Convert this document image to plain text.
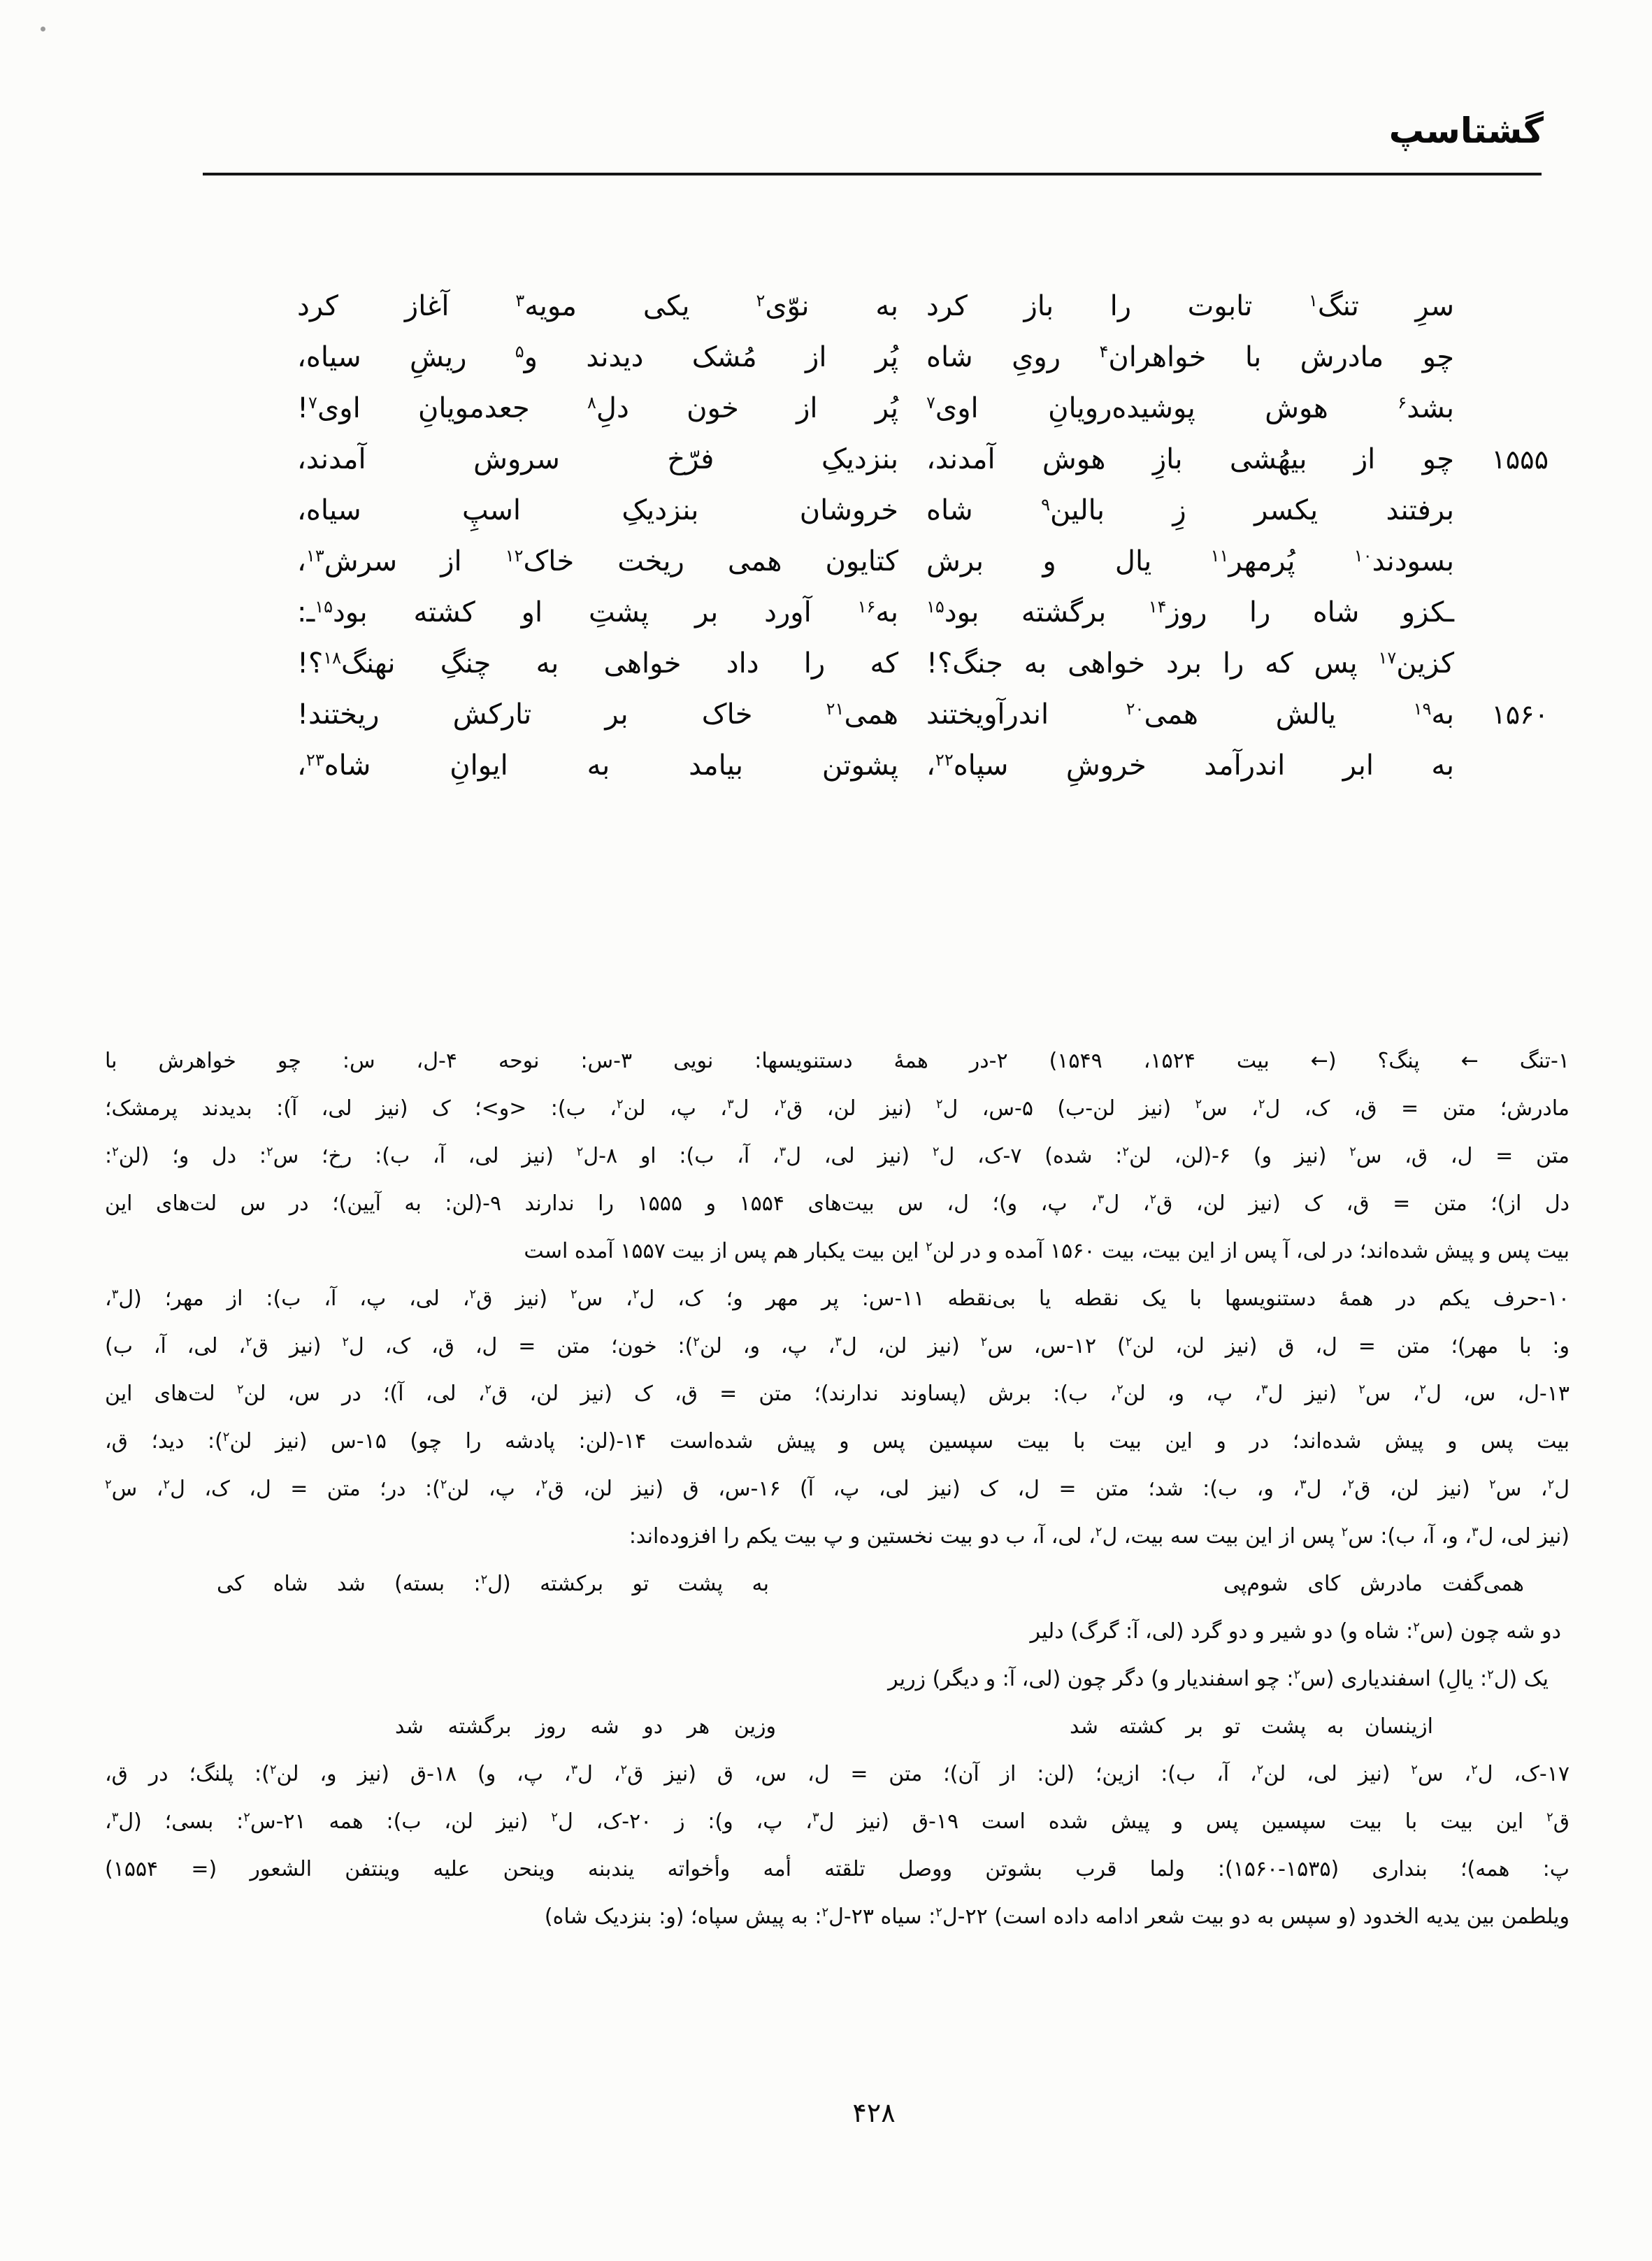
گشتاسپ
سرِ تنگ$^۱$ تابوت را باز کرد
به نوّی$^۲$ یکی مویه$^۳$ آغاز کرد
چو مادرش با خواهران$^۴$ رویِ شاه
پُر از مُشک دیدند و$^۵$ ریشِ سیاه،
بشد$^۶$ هوش پوشیده‌رویانِ اوی$^۷$
پُر از خون دلِ$^۸$ جعدمویانِ اوی$^۷$!
۱۵۵۵
چو از بیهُشی بازِ هوش آمدند،
بنزدیکِ فرّخ سروش آمدند،
برفتند یکسر زِ بالین$^۹$ شاه
خروشان بنزدیکِ اسپِ سیاه،
بسودند$^{۱۰}$ پُرمهر$^{۱۱}$ یال و برش
کتایون همی ریخت خاک$^{۱۲}$ از سرش$^{۱۳}$،
ـکزو شاه را روز$^{۱۴}$ برگشته بود$^{۱۵}$
به$^{۱۶}$ آورد بر پشتِ او کشته بود$^{۱۵}$ـ:
کزین$^{۱۷}$ پس که را برد خواهی به جنگ؟!
که را داد خواهی به چنگِ نهنگ$^{۱۸}$؟!
۱۵۶۰
به$^{۱۹}$ یالش همی$^{۲۰}$ اندرآویختند
همی$^{۲۱}$ خاک بر تارکش ریختند!
به ابر اندرآمد خروشِ سپاه$^{۲۲}$،
پشوتن بیامد به ایوانِ شاه$^{۲۳}$،
۱-تنگ ← پنگ؟ (← بیت ۱۵۲۴، ۱۵۴۹) ۲-در همهٔ دستنویسها: نویی ۳-س: نوحه ۴-ل، س: چو خواهرش با
مادرش؛ متن = ق، ک، ل$^۲$، س$^۲$ (نیز لن-ب) ۵-س، ل$^۲$ (نیز لن، ق$^۲$، ل$^۳$، پ، لن$^۲$، ب): <و>؛ ک (نیز لی، آ): بدیدند پرمشک؛
متن = ل، ق، س$^۲$ (نیز و) ۶-(لن، لن$^۲$: شده) ۷-ک، ل$^۲$ (نیز لی، ل$^۳$، آ، ب): او ۸-ل$^۲$ (نیز لی، آ، ب): رخ؛ س$^۲$: دل و؛ (لن$^۲$:
دل از)؛ متن = ق، ک (نیز لن، ق$^۲$، ل$^۳$، پ، و)؛ ل، س بیت‌های ۱۵۵۴ و ۱۵۵۵ را ندارند ۹-(لن: به آیین)؛ در س لت‌های این
بیت پس و پیش شده‌اند؛ در لی، آ پس از این بیت، بیت ۱۵۶۰ آمده و در لن$^۲$ این بیت یکبار هم پس از بیت ۱۵۵۷ آمده است
۱۰-حرف یکم در همهٔ دستنویسها با یک نقطه یا بی‌نقطه ۱۱-س: پر مهر و؛ ک، ل$^۲$، س$^۲$ (نیز ق$^۲$، لی، پ، آ، ب): از مهر؛ (ل$^۳$،
و: با مهر)؛ متن = ل، ق (نیز لن، لن$^۲$) ۱۲-س، س$^۲$ (نیز لن، ل$^۳$، پ، و، لن$^۲$): خون؛ متن = ل، ق، ک، ل$^۲$ (نیز ق$^۲$، لی، آ، ب)
۱۳-ل، س، ل$^۲$، س$^۲$ (نیز ل$^۳$، پ، و، لن$^۲$، ب): برش (پساوند ندارند)؛ متن = ق، ک (نیز لن، ق$^۲$، لی، آ)؛ در س، لن$^۲$ لت‌های این
بیت پس و پیش شده‌اند؛ در و این بیت با بیت سپسین پس و پیش شده‌است ۱۴-(لن: پادشه را چو) ۱۵-س (نیز لن$^۲$): دید؛ ق،
ل$^۲$، س$^۲$ (نیز لن، ق$^۲$، ل$^۳$، و، ب): شد؛ متن = ل، ک (نیز لی، پ، آ) ۱۶-س، ق (نیز لن، ق$^۲$، پ، لن$^۲$): در؛ متن = ل، ک، ل$^۲$، س$^۲$
(نیز لی، ل$^۳$، و، آ، ب): س$^۲$ پس از این بیت سه بیت، ل$^۲$، لی، آ، ب دو بیت نخستین و پ بیت یکم را افزوده‌اند:
همی‌گفت مادرش کای شوم‌پی
به پشت تو برکشته (ل$^۲$: بسته) شد شاه کی
دو شه چون (س$^۲$: شاه و) دو شیر و دو گرد (لی، آ: گرگ) دلیر
یک (ل$^۲$: یالِ) اسفندیاری (س$^۲$: چو اسفندیار و) دگر چون (لی، آ: و دیگر) زریر
ازینسان به پشت تو بر کشته شد
وزین هر دو شه روز برگشته شد
۱۷-ک، ل$^۲$، س$^۲$ (نیز لی، لن$^۲$، آ، ب): ازین؛ (لن: از آن)؛ متن = ل، س، ق (نیز ق$^۲$، ل$^۳$، پ، و) ۱۸-ق (نیز و، لن$^۲$): پلنگ؛ در ق،
ق$^۲$ این بیت با بیت سپسین پس و پیش شده است ۱۹-ق (نیز ل$^۳$، پ، و): ز ۲۰-ک، ل$^۲$ (نیز لن، ب): همه ۲۱-س$^۲$: بسی؛ (ل$^۳$،
پ: همه)؛ بنداری (۱۵۳۵-۱۵۶۰): ولما قرب بشوتن ووصل تلقته أمه وأخواته یندبنه وینحن علیه وینتفن الشعور (= ۱۵۵۴)
ویلطمن بین یدیه الخدود (و سپس به دو بیت شعر ادامه داده است) ۲۲-ل$^۲$: سیاه ۲۳-ل$^۲$: به پیش سپاه؛ (و: بنزدیک شاه)
۴۲۸
